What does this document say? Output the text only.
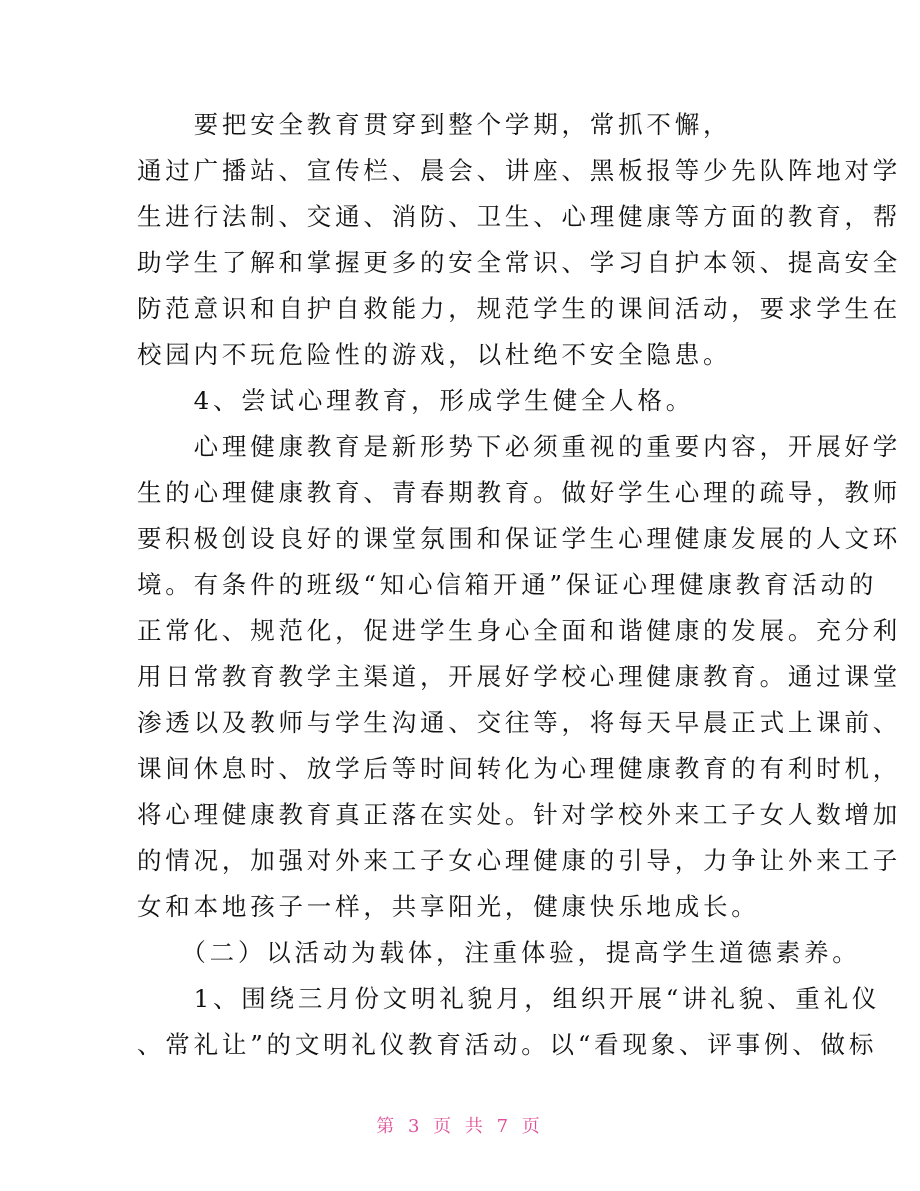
　　要把安全教育贯穿到整个学期，常抓不懈，
通过广播站、宣传栏、晨会、讲座、黑板报等少先队阵地对学
生进行法制、交通、消防、卫生、心理健康等方面的教育，帮
助学生了解和掌握更多的安全常识、学习自护本领、提高安全
防范意识和自护自救能力，规范学生的课间活动，要求学生在
校园内不玩危险性的游戏，以杜绝不安全隐患。
　　4、尝试心理教育，形成学生健全人格。
　　心理健康教育是新形势下必须重视的重要内容，开展好学
生的心理健康教育、青春期教育。做好学生心理的疏导，教师
要积极创设良好的课堂氛围和保证学生心理健康发展的人文环
境。有条件的班级“知心信箱开通”保证心理健康教育活动的
正常化、规范化，促进学生身心全面和谐健康的发展。充分利
用日常教育教学主渠道，开展好学校心理健康教育。通过课堂
渗透以及教师与学生沟通、交往等，将每天早晨正式上课前、
课间休息时、放学后等时间转化为心理健康教育的有利时机，
将心理健康教育真正落在实处。针对学校外来工子女人数增加
的情况，加强对外来工子女心理健康的引导，力争让外来工子
女和本地孩子一样，共享阳光，健康快乐地成长。
　　（二）以活动为载体，注重体验，提高学生道德素养。
　　1、围绕三月份文明礼貌月，组织开展“讲礼貌、重礼仪
、常礼让”的文明礼仪教育活动。以“看现象、评事例、做标
第 3 页 共 7 页
